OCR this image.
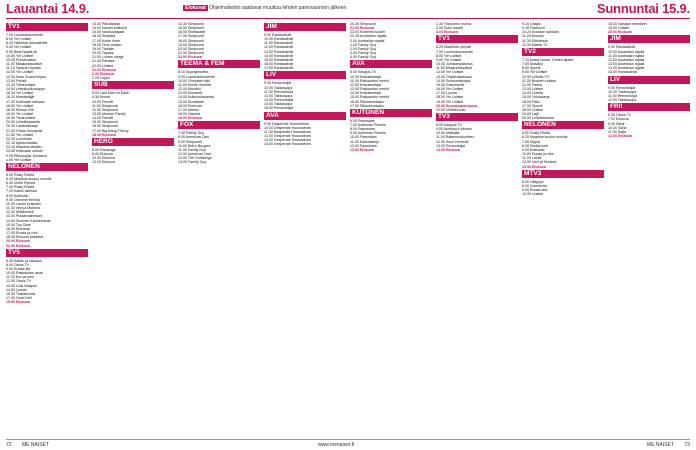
Lauantai 14.9.	Elokuvat Ohjelmatiedot saattavat muuttua lehden painovuoroon jälkeen.	Sunnuntai 15.9.
TV1
7.00 Luontodokumentti
8.00 Yle Uutiset
8.03 Historian alkuvaiheet
9.00 Yle Uutiset
9.05 Beat Naatis.fin
10.00 Yle Uutiset
10.05 Puutarhakuu
11.00 Maakuntauutiset
11.10 Tapaus Hautala
12.00 Yle Uutiset
12.05 Koko Suomi leipoo
13.00 Poliisit
13.30 Tiedeuutiset
14.00 Urheiluviikonloppu
16.00 Yle Uutiset
16.10 Metsästäjät
17.00 Kotimaan katsaus
18.00 Yle Uutiset
18.30 Elossa 24h
19.00 Yle Uutiset
19.30 Tiedeuutiset
20.00 Urheilulauantai
20.30 Lauantaisarja
21.00 Gösta Sundqvist
21.50 Yle Uutiset
22.00 Luontoilta
22.15 Ajankohtaista
23.10 Maailma tänään
23.55 Kotimaan uutiset
0.05 Rikossarja: Kuutamo
1.00 Yle Uutiset
NELONEN
6.00 Rusty Rivets
6.25 Maailma kuuluu minulle
6.40 Vintiö Ryhmä
7.00 Rusty Rivets
7.25 Kaikki aseissa
8.00 Kotikokki
9.00 Olemme ihmisiä
10.00 Laurin kotikokki
11.00 Vesi ja Muhkea
12.00 Mökkivinkit
13.00 Puutarhaihmiset
14.00 Suomen Kauneimmat
15.00 Top Gear
16.00 Elokuvat
17.00 Ruoka ja viini
18.00 Elokuva kesässä
20.00 Elokuva
22.00 Elokuva
TV5
6.30 Kauhu ja rakkaus
8.00 Ostos-TV
9.00 Ruoka-ilta
10.00 Rakkauden asiat
11.00 Kuu ja meri
12.00 Ostos-TV
13.00 Uusi Naapuri
14.00 Luonto
15.00 Tositarinoita
17.00 Hotel Hell
19.00 Elokuva
14.40 Päivälaatat
15.00 Nuoret kotikokit
16.00 Valokuvaajaat
16.25 Sisärata
17.00 Kodin ihme
18.00 Teho-osasto
19.00 Tänään
20.00 Tapaus
21.00 Linnan vangit
21.40 Parasta
22.00 Uutiset
22.20 Elokuva
0.20 Elokuva
2.20 Loppu
SUB
9.00 Last Man on Earth
9.30 Kissat
10.00 Frendit
11.00 Simpsonit
12.00 Simpsonit
13.00 Modern Family
14.00 Frendit
15.00 Simpsonit
16.00 Simpsonit
17.00 Big Bang Theory
18.00 Elokuva
HERO
6.00 Rampage
8.00 Elokuva
10.00 Elokuva
12.00 Elokuva
14.30 Simpsonit
15.00 Simpsonit
16.00 Rantavahti
17.00 Simpsonit
18.00 Simpsonit
19.00 Simpsonit
20.00 Simpsonit
21.00 Simpsonit
22.00 Elokuva
TEEMA & FEM
8.10 Suprajohdetta
9.00 Luontodokumentti
10.00 Ylimysten laki
11.00 Kolme ihmettä
12.00 Musiikki
13.00 Konsertti
14.00 Kulttuurilauantai
15.00 Kuvataide
16.00 Elokuvat
17.00 Arkisto
18.00 Historia
19.00 Elokuva
FOX
7.00 Family Guy
8.00 American Dad
9.00 Simpsonit
10.00 Bob's Burgers
11.00 Family Guy
12.00 American Dad
13.00 The Goldbergs
14.00 Family Guy
JIM
9.00 Rantavahdit
10.00 Rantavahdit
11.00 Rantavahdit
12.00 Rantavahdit
13.00 Rantavahdit
14.00 Rantavahdit
15.00 Rantavahdit
16.00 Rantavahdit
17.00 Rantavahdit
LIV
9.00 Remontoijat
10.00 Talokauppa
11.00 Remontoijat
12.00 Talokauppa
13.00 Remontoijat
14.00 Talokauppa
15.00 Remontoijat
AVA
9.00 Desperate Housewives
10.00 Desperate Housewives
11.00 Desperate Housewives
12.00 Desperate Housewives
13.00 Desperate Housewives
14.00 Desperate Housewives
20.40 Simpsonit
21.00 Elokuva
23.00 Kummelivuodet
23.30 Australian rajalla
0.00 Australian rajalla
1.00 Family Guy
2.00 Family Guy
3.00 Family Guy
4.00 Family Guy
AVA
6.00 Kauppa-TV
10.00 Kotirakentaja
11.00 Rakkauden merkit
12.00 Kotirakentaja
13.00 Rakkauden merkit
14.00 Kotirakentaja
15.00 Rakkauden merkit
16.00 Rikoskomisario
17.00 Rikoskomisario
KUTONEN
6.00 Pawnstars
7.00 American Pickers
8.00 Pawnstars
9.00 American Pickers
10.00 Pawnstars
11.00 Kakkosketju
12.00 Pawnstars
13.00 Elokuva
1.30 Yöpuhelin murha
2.00 Suuri saaliä
3.00 Elokuva
TV1
6.25 Maailman ympäri
7.00 Luontodokumentti
8.00 Yle Uutiset
9.00 Yle Uutiset
10.00 Jumalanpalvelus
11.00 Maakuntauutiset
12.00 Yle Uutiset
13.00 Ohjelmakatsaus
14.00 Sunnuntaisarja
15.00 Dokumentti
16.00 Yle Uutiset
17.00 Luonto
18.00 Yle Uutiset
19.00 Yle Uutiset
20.00 Sunnuntaielokuva
22.00 Urheiluruutu
TV3
6.00 Kauppa-TV
9.00 Anthony's kitchen
10.00 Matkalla
11.00 Rakennuskohteet
12.00 Suuri remontti
13.00 Remontoijat
14.00 Elokuva
9.15 Oraglo
9.45 Pokemon
10.20 Kuulaan sankarit
11.00 Muumit
11.30 Eläinkoulu
12.00 Matka-TV
TV2
7.10 Avara luonto: Onnen lapset
7.55 Musiikki
8.00 Sportti
9.00 Yle Uutiset
10.00 Urheilu-TV
11.00 Nuorten uutiset
12.00 Pasila
13.00 Uutiset
14.00 Urheilu
15.00 Ykkössarja
16.00 Pallo
17.00 Sportti
18.00 Uutiset
19.00 Lajit
20.00 Urheilukooste
NELONEN
6.00 Rusty Rivets
6.25 Maailma kuuluu minulle
7.00 Myyrä
8.00 Puutarhurit
9.00 Kotikokki
10.00 Ruoka ja viini
11.00 Lähiöt
12.00 Vesi ja Muhkea
13.00 Elokuva
MTV3
6.00 Hälyytys
8.00 Huomenta
9.00 Ruoka-arki
10.00 Uutiset
18.00 Vanajan merkkeet
19.00 Uutiset
20.00 Elokuva
JIM
9.00 Rantavahdit
10.00 Australian rajalla
11.00 Australian rajalla
12.00 Australian rajalla
13.00 Australian rajalla
14.00 Australian rajalla
15.00 Rantavahdit
LIV
9.00 Remontoijat
10.00 Talokauppa
11.00 Remontoijat
12.00 Talokauppa
FRII
6.00 Ostos-TV
7.00 Elokuva
9.00 Sarja
10.00 Sarja
11.00 Sarja
12.00 Elokuva
72 ME NAISET	www.menaiset.fi	ME NAISET 73
